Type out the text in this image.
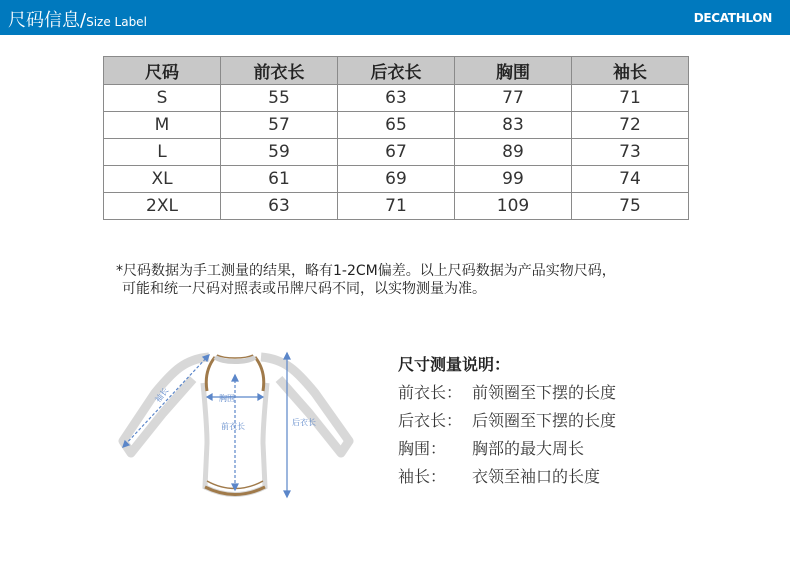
尺码信息/Size Label	DECATHLON
尺码	前衣长	后衣长	胸围	袖长
S	55	63	77	71
M	57	65	83	72
L	59	67	89	73
XL	61	69	99	74
2XL	63	71	109	75
*尺码数据为手工测量的结果，略有1-2CM偏差。以上尺码数据为产品实物尺码，
可能和统一尺码对照表或吊牌尺码不同，以实物测量为准。
袖长	胸围
前衣长	后衣长
尺寸测量说明：
前衣长： 前领圈至下摆的长度
后衣长： 后领圈至下摆的长度
胸围：	胸部的最大周长
袖长：	衣领至袖口的长度
